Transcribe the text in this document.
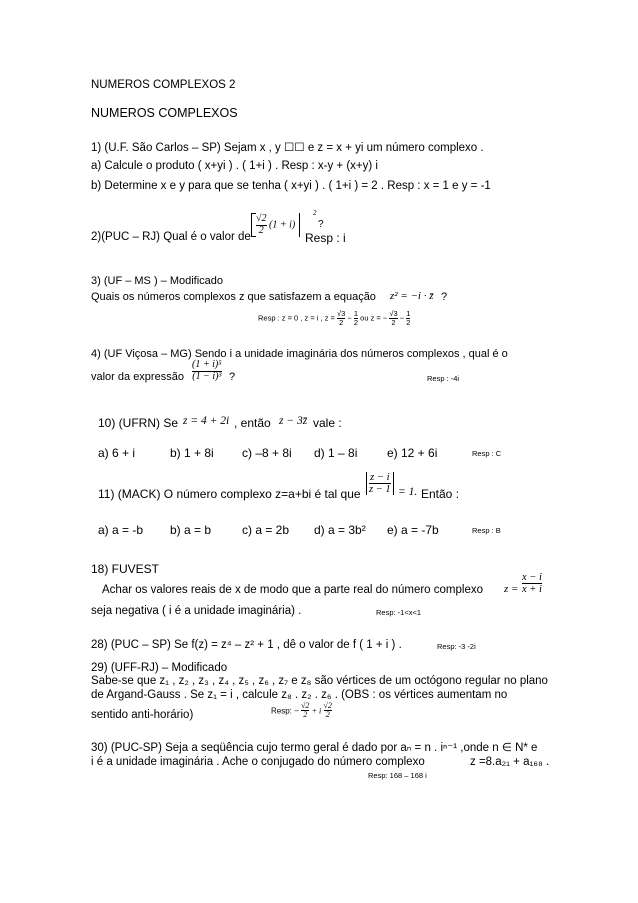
NUMEROS COMPLEXOS 2
NUMEROS COMPLEXOS
1) (U.F. São Carlos – SP) Sejam x , y ☐☐ e z = x + yi um número complexo .
a) Calcule o produto ( x+yi ) . ( 1+i ) . Resp : x-y + (x+y) i
b) Determine x e y para que se tenha ( x+yi ) . ( 1+i ) = 2 . Resp : x = 1 e y = -1
2)(PUC – RJ) Qual é o valor de
$\frac{√2}{2} (1 + i)$
2
?
Resp : i
3) (UF – MS ) – Modificado
Quais os números complexos z que satisfazem a equação z² = −i · z̄ ?
Resp : z = 0 , z = i , $z = \frac{√3}{2} - \frac{1}{2}$ ou z = − $\frac{√3}{2} - \frac{1}{2}$
4) (UF Viçosa – MG) Sendo i a unidade imaginária dos números complexos , qual é o
valor da expressão $\frac{\text{(1 + i)⁵}}{\text{(1 − i)³}}$ ?	Resp : -4i
10) (UFRN) Se z = 4 + 2i , então z − 3z̄ vale :
a) 6 + i	b) 1 + 8i c) –8 + 8i d) 1 – 8i e) 12 + 6i	Resp : C
11) (MACK) O número complexo z=a+bi é tal que $\frac{z - i}{z - 1} = 1$. Então :
a) a = -b b) a = b	c) a = 2b d) a = 3b² e) a = -7b	Resp : B
18) FUVEST
Achar os valores reais de x de modo que a parte real do número complexo $z = \frac{x - i}{x + i}$
seja negativa ( i é a unidade imaginária) .	Resp: -1<x<1
28) (PUC – SP) Se f(z) = z⁴ – z² + 1 , dê o valor de f ( 1 + i ) .	Resp: -3 -2i
29) (UFF-RJ) – Modificado
Sabe-se que z₁ , z₂ , z₃ , z₄ , z₅ , z₆ , z₇ e z₈ são vértices de um octógono regular no plano
de Argand-Gauss . Se z₁ = i , calcule z₈ . z₂ . z₆ . (OBS : os vértices aumentam no
sentido anti-horário)	Resp: − $\frac{√2}{2} + i \frac{√2}{2}$
30) (PUC-SP) Seja a seqüência cujo termo geral é dado por aₙ = n . iⁿ⁻¹ ,onde n ∈ N* e
i é a unidade imaginária . Ache o conjugado do número complexo	z =8.a₂₁ + a₁₆₈ .
Resp: 168 – 168 i
